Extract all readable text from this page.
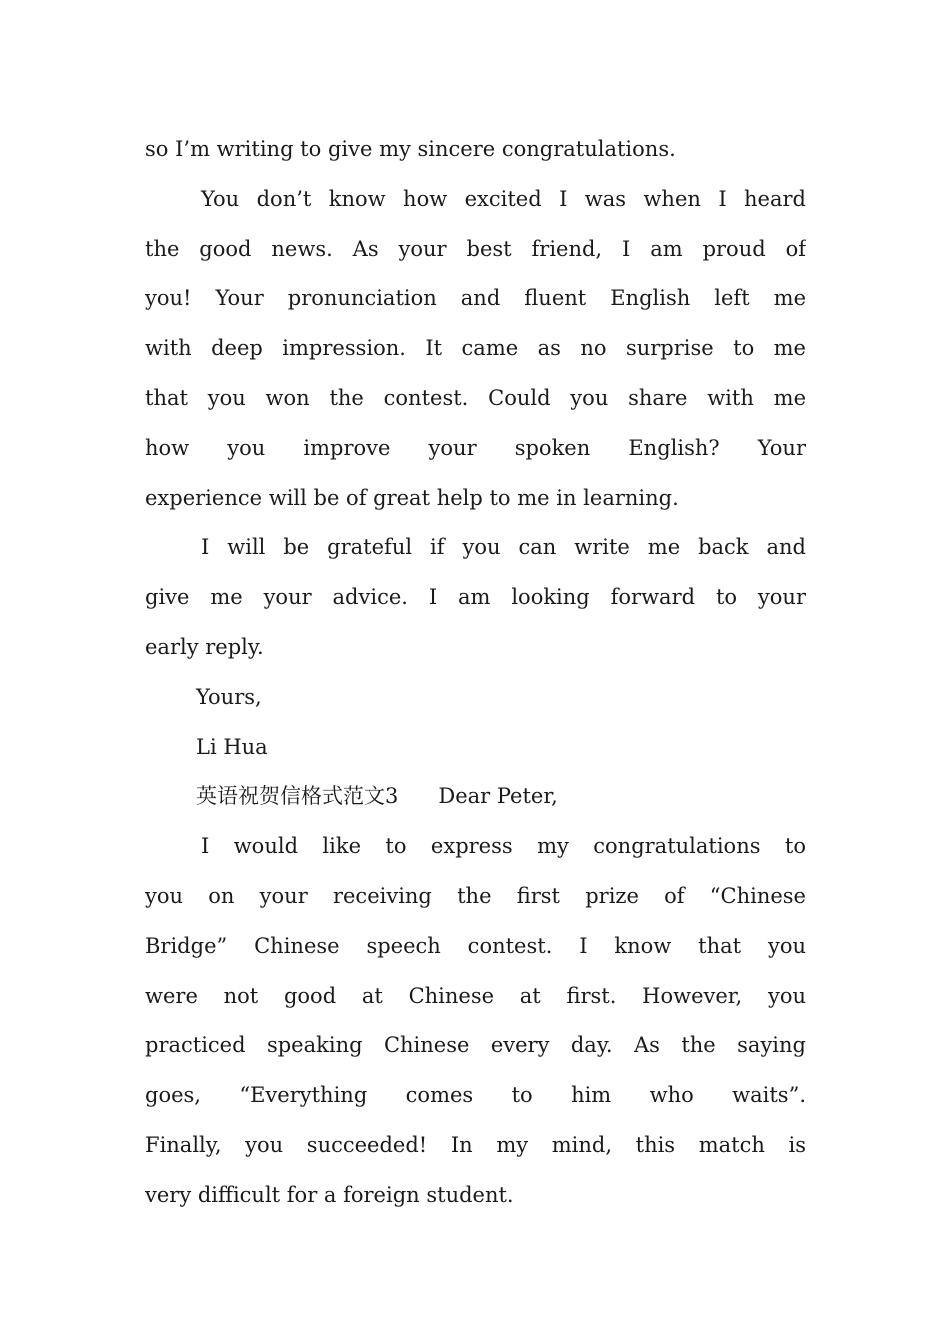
so I’m writing to give my sincere congratulations.
You don’t know how excited I was when I heard
the good news. As your best friend, I am proud of
you! Your pronunciation and fluent English left me
with deep impression. It came as no surprise to me
that you won the contest. Could you share with me
how you improve your spoken English? Your
experience will be of great help to me in learning.
I will be grateful if you can write me back and
give me your advice. I am looking forward to your
early reply.
Yours,
Li Hua
英语祝贺信格式范文3 Dear Peter,
I would like to express my congratulations to
you on your receiving the first prize of “Chinese
Bridge” Chinese speech contest. I know that you
were not good at Chinese at first. However, you
practiced speaking Chinese every day. As the saying
goes, “Everything comes to him who waits”.
Finally, you succeeded! In my mind, this match is
very difficult for a foreign student.
